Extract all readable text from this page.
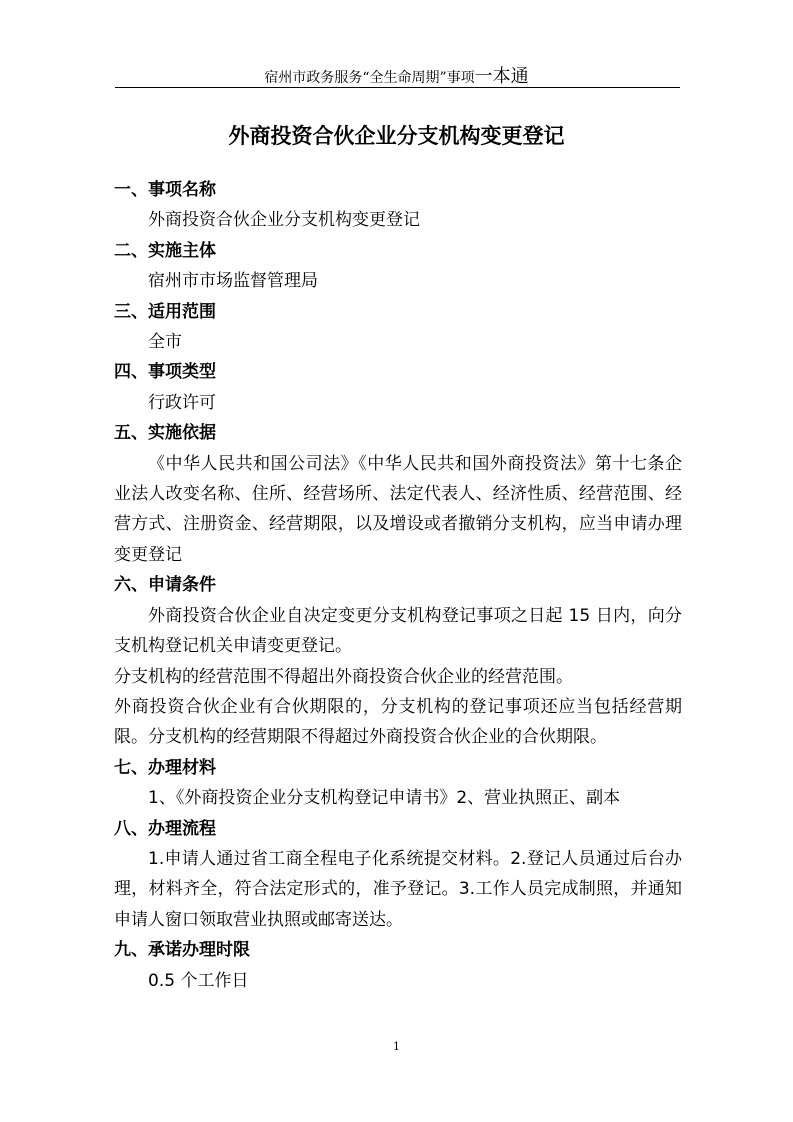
宿州市政务服务“全生命周期”事项一本通
外商投资合伙企业分支机构变更登记
一、事项名称
外商投资合伙企业分支机构变更登记
二、实施主体
宿州市市场监督管理局
三、适用范围
全市
四、事项类型
行政许可
五、实施依据
《中华人民共和国公司法》《中华人民共和国外商投资法》第十七条企业法人改变名称、住所、经营场所、法定代表人、经济性质、经营范围、经营方式、注册资金、经营期限，以及增设或者撤销分支机构，应当申请办理变更登记
六、申请条件
外商投资合伙企业自决定变更分支机构登记事项之日起 15 日内，向分支机构登记机关申请变更登记。
分支机构的经营范围不得超出外商投资合伙企业的经营范围。
外商投资合伙企业有合伙期限的，分支机构的登记事项还应当包括经营期限。分支机构的经营期限不得超过外商投资合伙企业的合伙期限。
七、办理材料
1、《外商投资企业分支机构登记申请书》2、营业执照正、副本
八、办理流程
1.申请人通过省工商全程电子化系统提交材料。2.登记人员通过后台办理，材料齐全，符合法定形式的，准予登记。3.工作人员完成制照，并通知申请人窗口领取营业执照或邮寄送达。
九、承诺办理时限
0.5 个工作日
1
